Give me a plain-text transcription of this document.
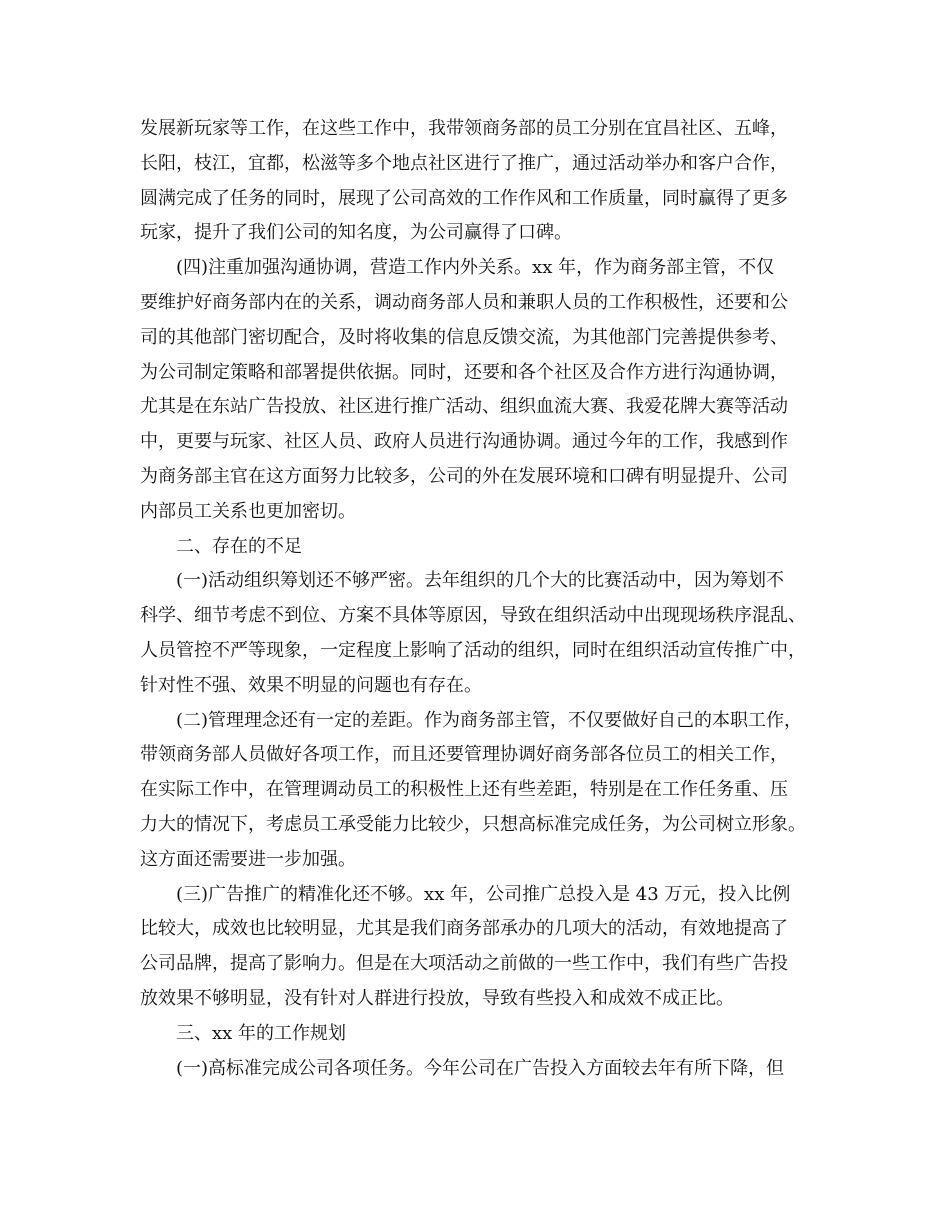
发展新玩家等工作，在这些工作中，我带领商务部的员工分别在宜昌社区、五峰，
长阳，枝江，宜都，松滋等多个地点社区进行了推广，通过活动举办和客户合作，
圆满完成了任务的同时，展现了公司高效的工作作风和工作质量，同时赢得了更多
玩家，提升了我们公司的知名度，为公司赢得了口碑。
(四)注重加强沟通协调，营造工作内外关系。xx 年，作为商务部主管，不仅
要维护好商务部内在的关系，调动商务部人员和兼职人员的工作积极性，还要和公
司的其他部门密切配合，及时将收集的信息反馈交流，为其他部门完善提供参考、
为公司制定策略和部署提供依据。同时，还要和各个社区及合作方进行沟通协调，
尤其是在东站广告投放、社区进行推广活动、组织血流大赛、我爱花牌大赛等活动
中，更要与玩家、社区人员、政府人员进行沟通协调。通过今年的工作，我感到作
为商务部主官在这方面努力比较多，公司的外在发展环境和口碑有明显提升、公司
内部员工关系也更加密切。
二、存在的不足
(一)活动组织筹划还不够严密。去年组织的几个大的比赛活动中，因为筹划不
科学、细节考虑不到位、方案不具体等原因，导致在组织活动中出现现场秩序混乱、
人员管控不严等现象，一定程度上影响了活动的组织，同时在组织活动宣传推广中，
针对性不强、效果不明显的问题也有存在。
(二)管理理念还有一定的差距。作为商务部主管，不仅要做好自己的本职工作，
带领商务部人员做好各项工作，而且还要管理协调好商务部各位员工的相关工作，
在实际工作中，在管理调动员工的积极性上还有些差距，特别是在工作任务重、压
力大的情况下，考虑员工承受能力比较少，只想高标准完成任务，为公司树立形象。
这方面还需要进一步加强。
(三)广告推广的精准化还不够。xx 年，公司推广总投入是 43 万元，投入比例
比较大，成效也比较明显，尤其是我们商务部承办的几项大的活动，有效地提高了
公司品牌，提高了影响力。但是在大项活动之前做的一些工作中，我们有些广告投
放效果不够明显，没有针对人群进行投放，导致有些投入和成效不成正比。
三、xx 年的工作规划
(一)高标准完成公司各项任务。今年公司在广告投入方面较去年有所下降，但
